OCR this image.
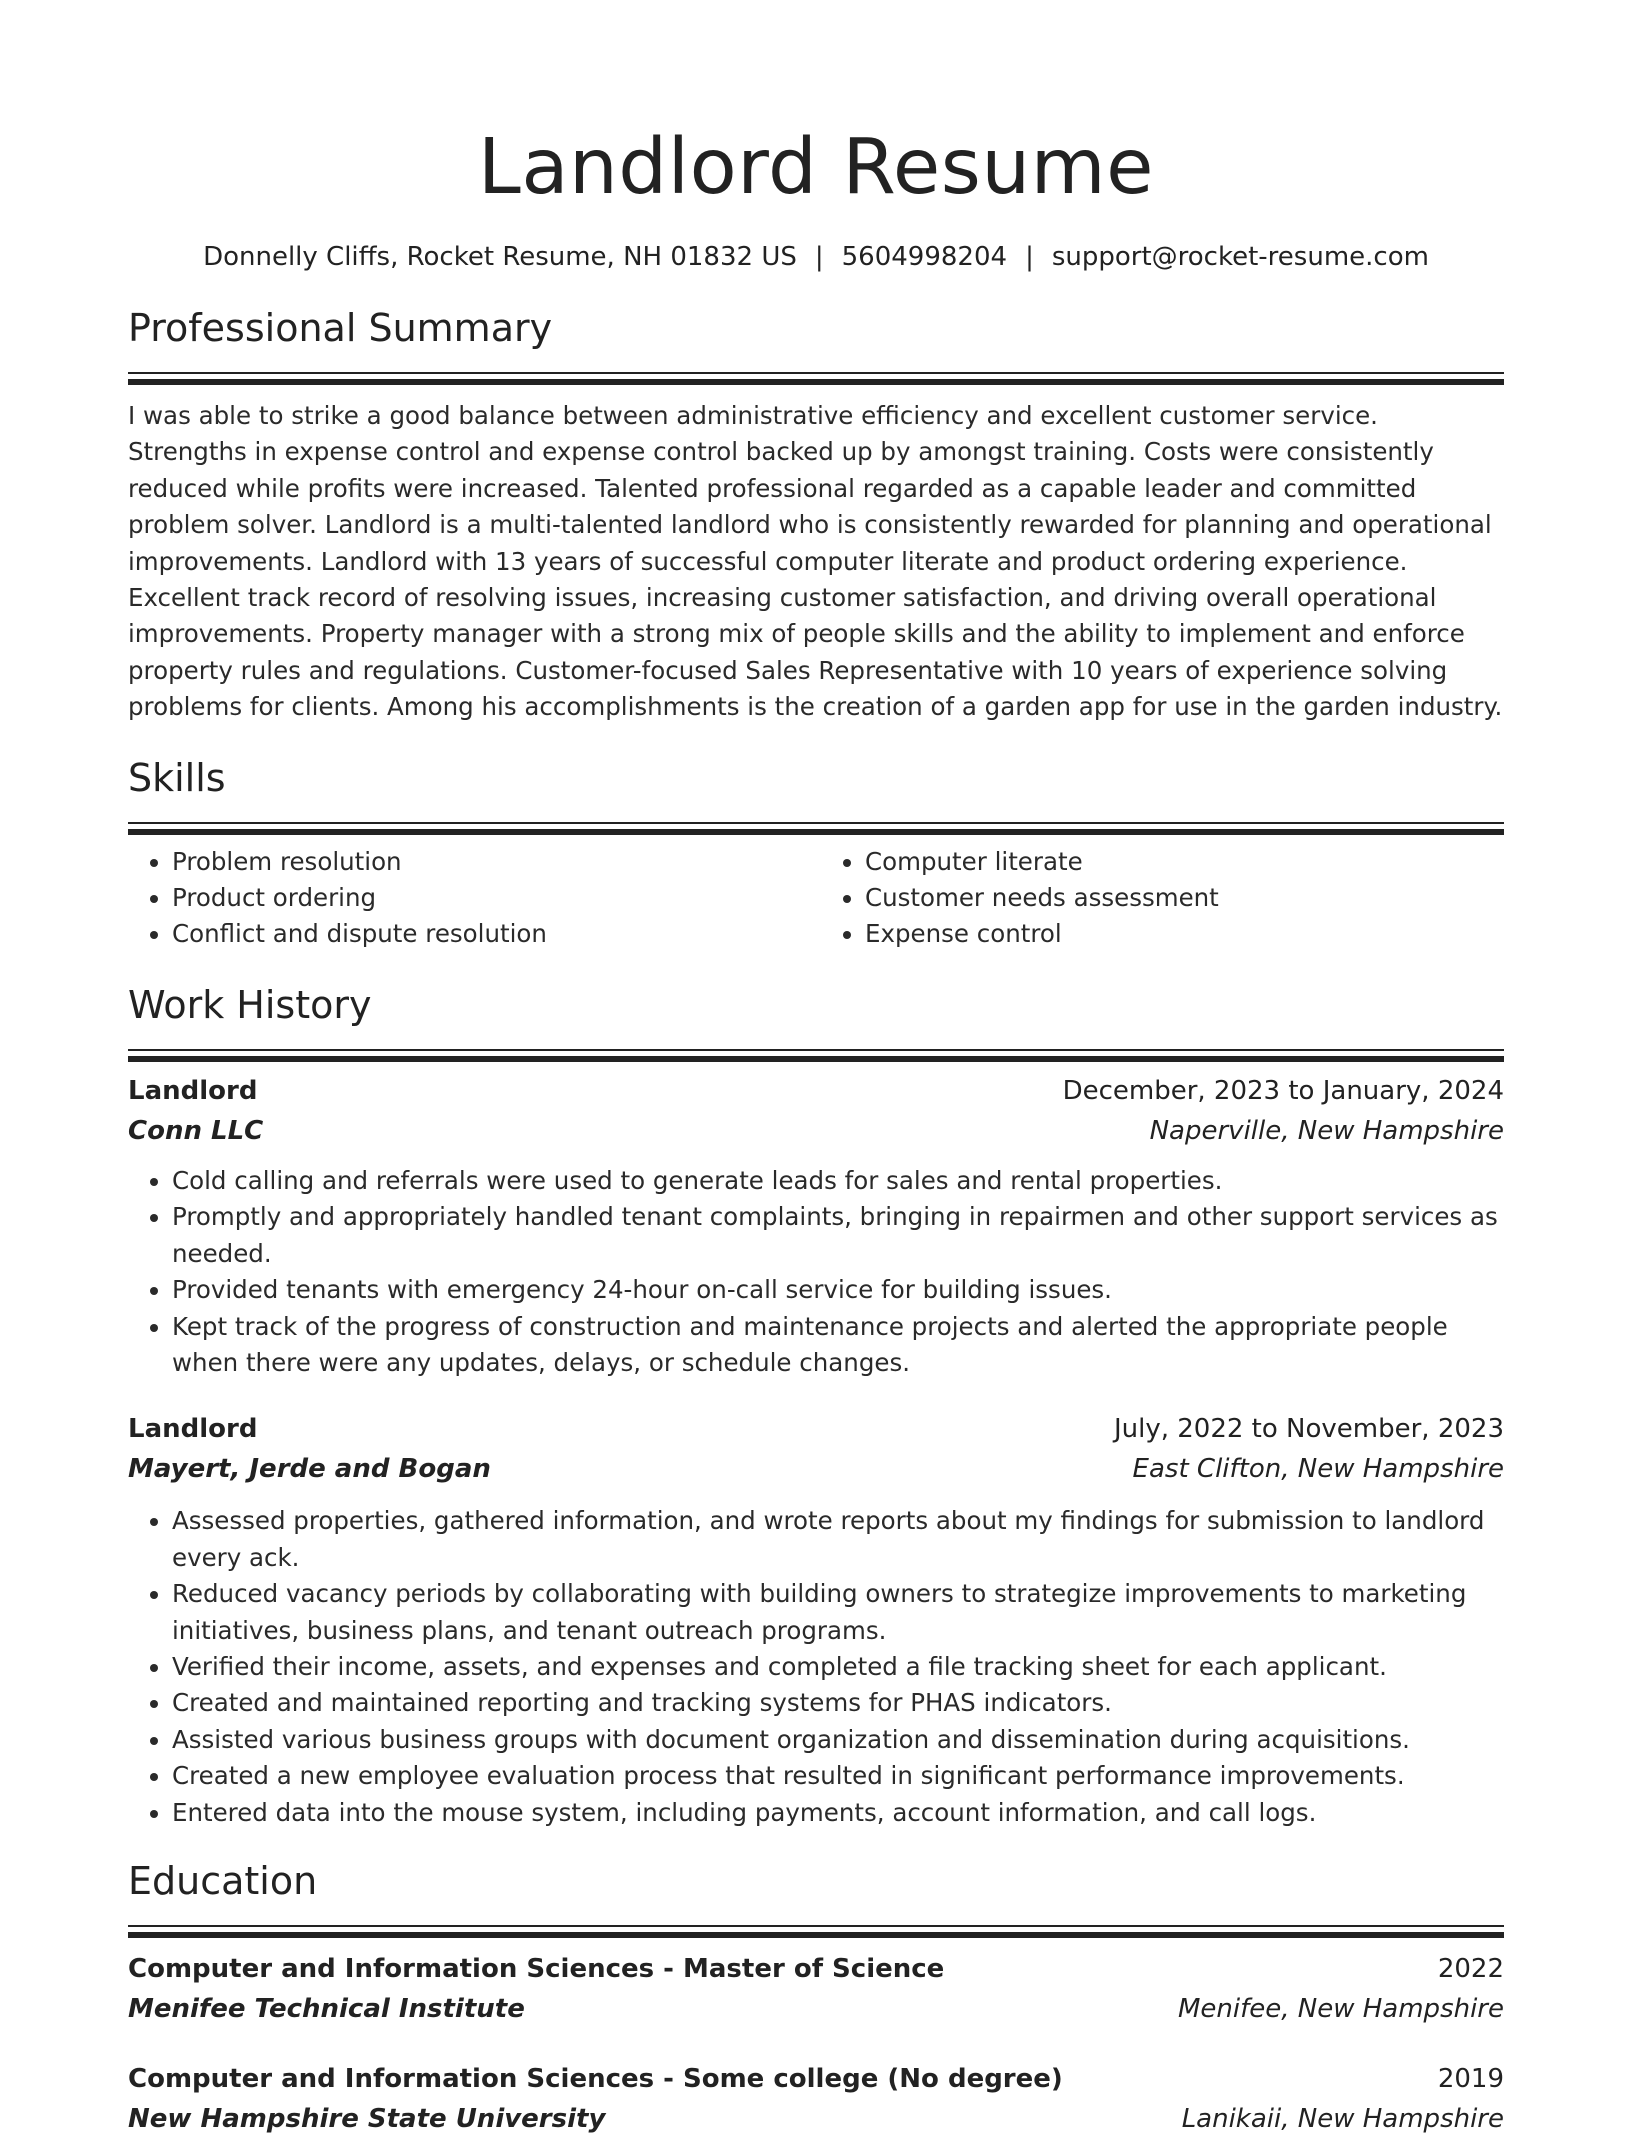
Landlord Resume
Donnelly Cliffs, Rocket Resume, NH 01832 US | 5604998204 | support@rocket-resume.com
Professional Summary

I was able to strike a good balance between administrative efficiency and excellent customer service. Strengths in expense control and expense control backed up by amongst training. Costs were consistently reduced while profits were increased. Talented professional regarded as a capable leader and committed problem solver. Landlord is a multi-talented landlord who is consistently rewarded for planning and operational improvements. Landlord with 13 years of successful computer literate and product ordering experience. Excellent track record of resolving issues, increasing customer satisfaction, and driving overall operational improvements. Property manager with a strong mix of people skills and the ability to implement and enforce property rules and regulations. Customer-focused Sales Representative with 10 years of experience solving problems for clients. Among his accomplishments is the creation of a garden app for use in the garden industry.

Skills
• Problem resolution
• Product ordering
• Conflict and dispute resolution
• Computer literate
• Customer needs assessment
• Expense control
Work History
Landlord	December, 2023 to January, 2024
Conn LLC	Naperville, New Hampshire
• Cold calling and referrals were used to generate leads for sales and rental properties.
• Promptly and appropriately handled tenant complaints, bringing in repairmen and other support services as needed.
• Provided tenants with emergency 24-hour on-call service for building issues.
• Kept track of the progress of construction and maintenance projects and alerted the appropriate people when there were any updates, delays, or schedule changes.
Landlord	July, 2022 to November, 2023
Mayert, Jerde and Bogan	East Clifton, New Hampshire
• Assessed properties, gathered information, and wrote reports about my findings for submission to landlord every ack.
• Reduced vacancy periods by collaborating with building owners to strategize improvements to marketing initiatives, business plans, and tenant outreach programs.
• Verified their income, assets, and expenses and completed a file tracking sheet for each applicant.
• Created and maintained reporting and tracking systems for PHAS indicators.
• Assisted various business groups with document organization and dissemination during acquisitions.
• Created a new employee evaluation process that resulted in significant performance improvements.
• Entered data into the mouse system, including payments, account information, and call logs.
Education
Computer and Information Sciences - Master of Science	2022
Menifee Technical Institute	Menifee, New Hampshire
Computer and Information Sciences - Some college (No degree)	2019
New Hampshire State University	Lanikaii, New Hampshire
